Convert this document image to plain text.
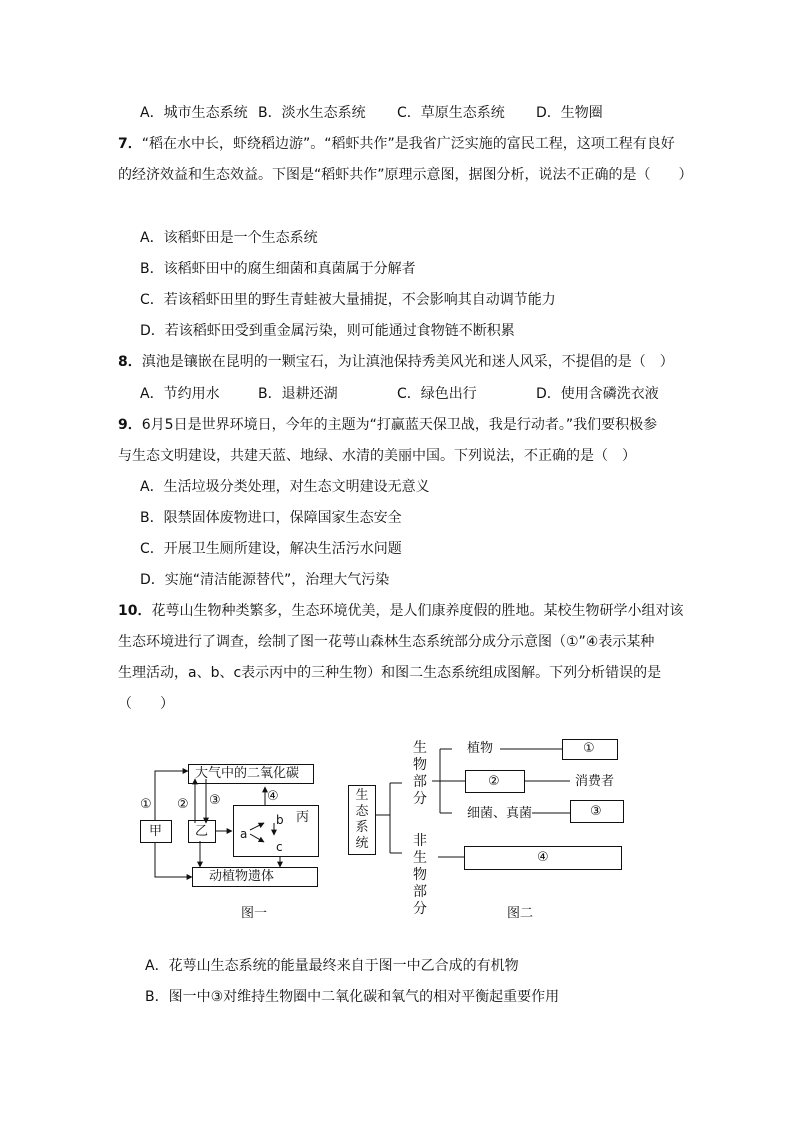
A．城市生态系统 B．淡水生态系统 C．草原生态系统 D．生物圈
7．“稻在水中长，虾绕稻边游”。“稻虾共作”是我省广泛实施的富民工程，这项工程有良好
的经济效益和生态效益。下图是“稻虾共作”原理示意图，据图分析，说法不正确的是（　　）
A．该稻虾田是一个生态系统
B．该稻虾田中的腐生细菌和真菌属于分解者
C．若该稻虾田里的野生青蛙被大量捕捉，不会影响其自动调节能力
D．若该稻虾田受到重金属污染，则可能通过食物链不断积累
8．滇池是镶嵌在昆明的一颗宝石，为让滇池保持秀美风光和迷人风采，不提倡的是（　）
A．节约用水	B．退耕还湖	C．绿色出行	D．使用含磷洗衣液
9．6月5日是世界环境日，今年的主题为“打赢蓝天保卫战，我是行动者。”我们要积极参
与生态文明建设，共建天蓝、地绿、水清的美丽中国。下列说法，不正确的是（　）
A．生活垃圾分类处理，对生态文明建设无意义
B．限禁固体废物进口，保障国家生态安全
C．开展卫生厕所建设，解决生活污水问题
D．实施“清洁能源替代”，治理大气污染
10．花萼山生物种类繁多，生态环境优美，是人们康养度假的胜地。某校生物研学小组对该
生态环境进行了调查，绘制了图一花萼山森林生态系统部分成分示意图（①”④表示某种
生理活动，a、b、c表示丙中的三种生物）和图二生态系统组成图解。下列分析错误的是
（　　）
大气中的二氧化碳
甲	乙
丙
a
b
c
动植物遗体
① ② ③	④
图一
生态系统
生物部分
非生物部分
植物	①
②	消费者
细菌、真菌	③
④
图二
A．花萼山生态系统的能量最终来自于图一中乙合成的有机物
B．图一中③对维持生物圈中二氧化碳和氧气的相对平衡起重要作用
